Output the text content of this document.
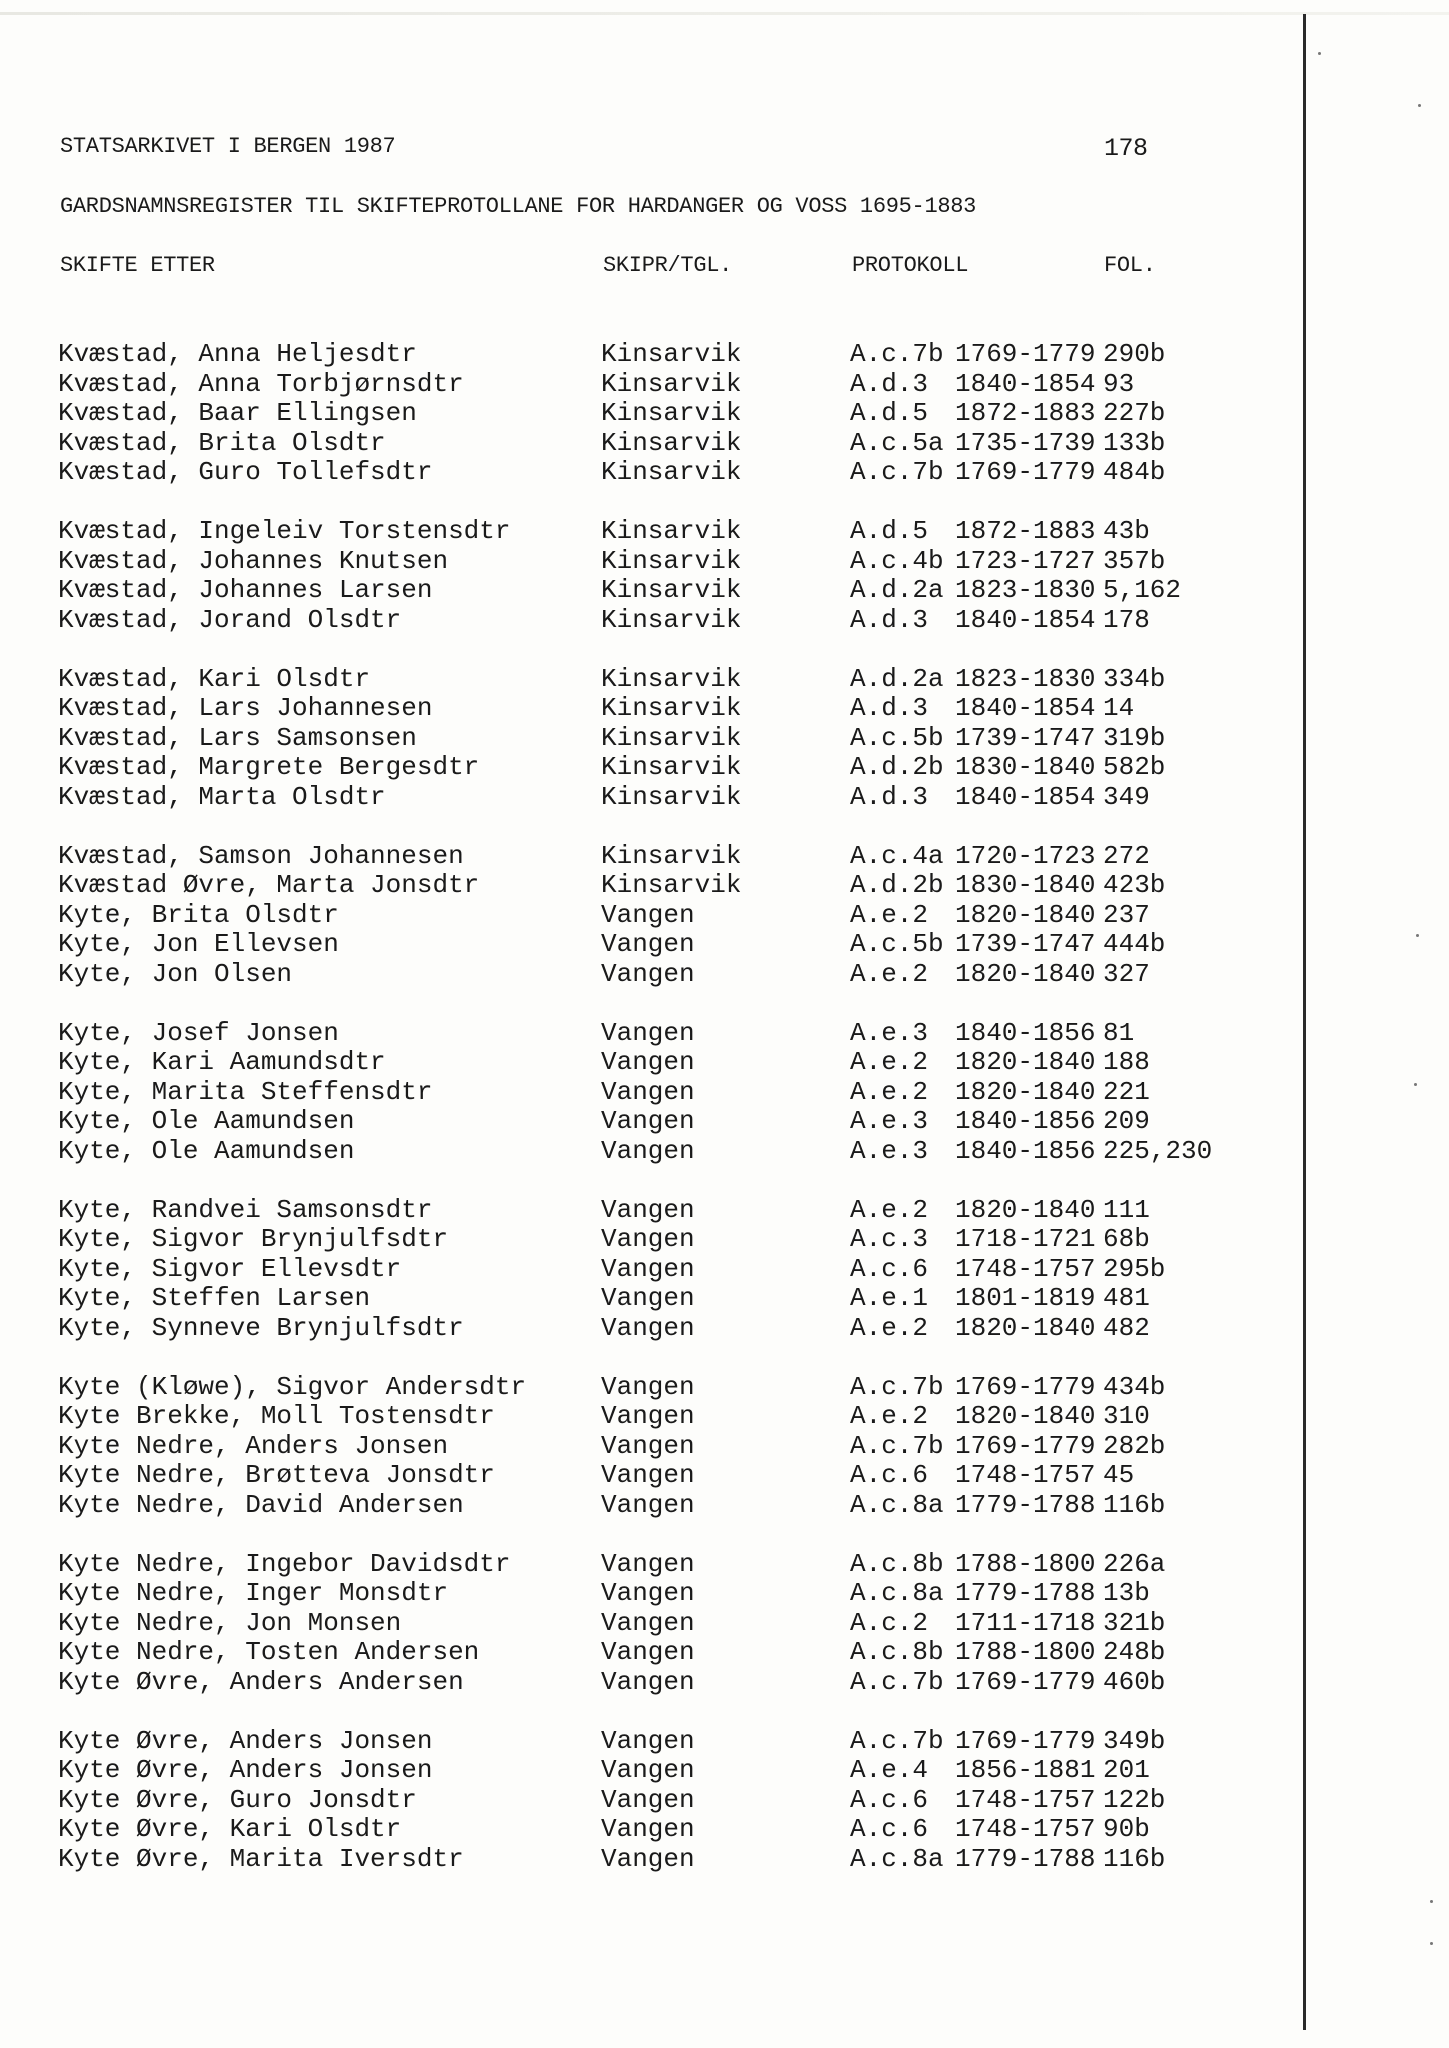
STATSARKIVET I BERGEN 1987	178
GARDSNAMNSREGISTER TIL SKIFTEPROTOLLANE FOR HARDANGER OG VOSS 1695-1883
SKIFTE ETTER	SKIPR/TGL.	PROTOKOLL	FOL.
Kvæstad, Anna Heljesdtr	Kinsarvik	A.c.7b 1769-1779 290b
Kvæstad, Anna Torbjørnsdtr	Kinsarvik	A.d.3	1840-1854 93
Kvæstad, Baar Ellingsen	Kinsarvik	A.d.5	1872-1883 227b
Kvæstad, Brita Olsdtr	Kinsarvik	A.c.5a 1735-1739 133b
Kvæstad, Guro Tollefsdtr	Kinsarvik	A.c.7b 1769-1779 484b
Kvæstad, Ingeleiv Torstensdtr	Kinsarvik	A.d.5	1872-1883 43b
Kvæstad, Johannes Knutsen	Kinsarvik	A.c.4b 1723-1727 357b
Kvæstad, Johannes Larsen	Kinsarvik	A.d.2a 1823-1830 5,162
Kvæstad, Jorand Olsdtr	Kinsarvik	A.d.3	1840-1854 178
Kvæstad, Kari Olsdtr	Kinsarvik	A.d.2a 1823-1830 334b
Kvæstad, Lars Johannesen	Kinsarvik	A.d.3	1840-1854 14
Kvæstad, Lars Samsonsen	Kinsarvik	A.c.5b 1739-1747 319b
Kvæstad, Margrete Bergesdtr	Kinsarvik	A.d.2b 1830-1840 582b
Kvæstad, Marta Olsdtr	Kinsarvik	A.d.3	1840-1854 349
Kvæstad, Samson Johannesen	Kinsarvik	A.c.4a 1720-1723 272
Kvæstad Øvre, Marta Jonsdtr	Kinsarvik	A.d.2b 1830-1840 423b
Kyte, Brita Olsdtr	Vangen	A.e.2	1820-1840 237
Kyte, Jon Ellevsen	Vangen	A.c.5b 1739-1747 444b
Kyte, Jon Olsen	Vangen	A.e.2	1820-1840 327
Kyte, Josef Jonsen	Vangen	A.e.3	1840-1856 81
Kyte, Kari Aamundsdtr	Vangen	A.e.2	1820-1840 188
Kyte, Marita Steffensdtr	Vangen	A.e.2	1820-1840 221
Kyte, Ole Aamundsen	Vangen	A.e.3	1840-1856 209
Kyte, Ole Aamundsen	Vangen	A.e.3	1840-1856 225,230
Kyte, Randvei Samsonsdtr	Vangen	A.e.2	1820-1840 111
Kyte, Sigvor Brynjulfsdtr	Vangen	A.c.3	1718-1721 68b
Kyte, Sigvor Ellevsdtr	Vangen	A.c.6	1748-1757 295b
Kyte, Steffen Larsen	Vangen	A.e.1	1801-1819 481
Kyte, Synneve Brynjulfsdtr	Vangen	A.e.2	1820-1840 482
Kyte (Kløwe), Sigvor Andersdtr	Vangen	A.c.7b 1769-1779 434b
Kyte Brekke, Moll Tostensdtr	Vangen	A.e.2	1820-1840 310
Kyte Nedre, Anders Jonsen	Vangen	A.c.7b 1769-1779 282b
Kyte Nedre, Brøtteva Jonsdtr	Vangen	A.c.6	1748-1757 45
Kyte Nedre, David Andersen	Vangen	A.c.8a 1779-1788 116b
Kyte Nedre, Ingebor Davidsdtr	Vangen	A.c.8b 1788-1800 226a
Kyte Nedre, Inger Monsdtr	Vangen	A.c.8a 1779-1788 13b
Kyte Nedre, Jon Monsen	Vangen	A.c.2	1711-1718 321b
Kyte Nedre, Tosten Andersen	Vangen	A.c.8b 1788-1800 248b
Kyte Øvre, Anders Andersen	Vangen	A.c.7b 1769-1779 460b
Kyte Øvre, Anders Jonsen	Vangen	A.c.7b 1769-1779 349b
Kyte Øvre, Anders Jonsen	Vangen	A.e.4	1856-1881 201
Kyte Øvre, Guro Jonsdtr	Vangen	A.c.6	1748-1757 122b
Kyte Øvre, Kari Olsdtr	Vangen	A.c.6	1748-1757 90b
Kyte Øvre, Marita Iversdtr	Vangen	A.c.8a 1779-1788 116b
